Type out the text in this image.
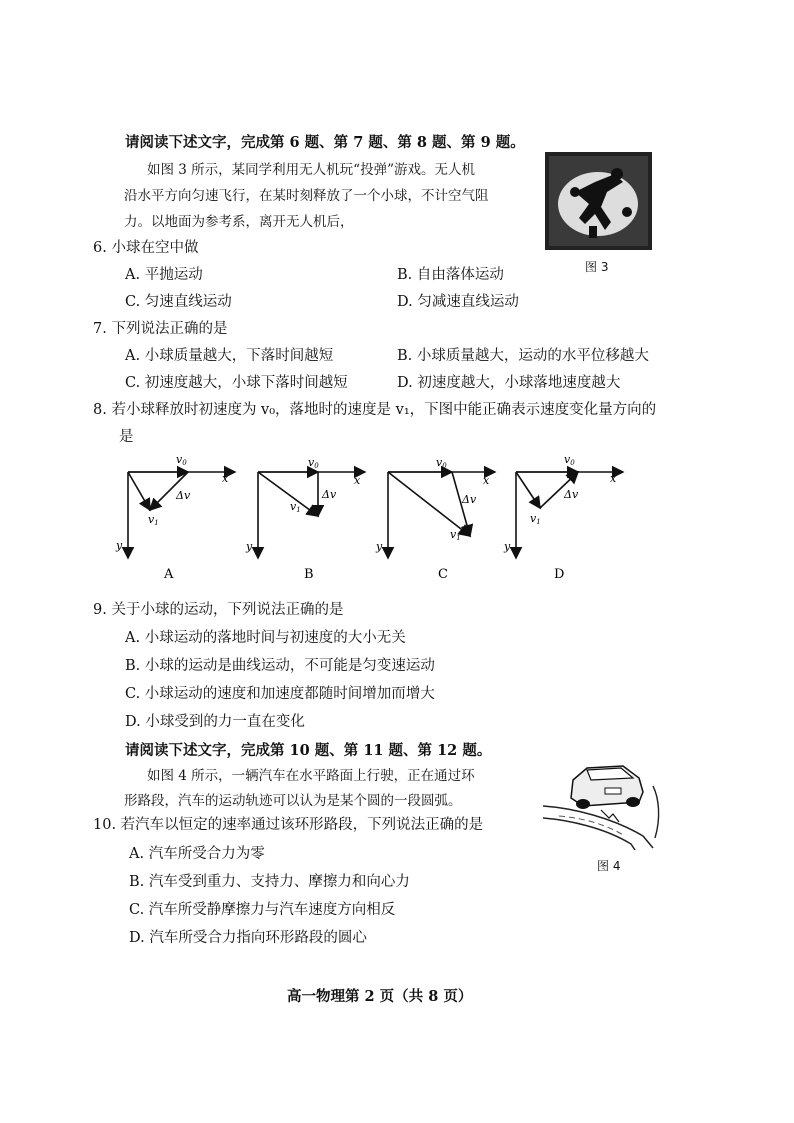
请阅读下述文字，完成第 6 题、第 7 题、第 8 题、第 9 题。
如图 3 所示，某同学利用无人机玩“投弹”游戏。无人机
沿水平方向匀速飞行，在某时刻释放了一个小球，不计空气阻
力。以地面为参考系，离开无人机后，
图 3
6. 小球在空中做
A. 平抛运动	B. 自由落体运动
C. 匀速直线运动	D. 匀减速直线运动
7. 下列说法正确的是
A. 小球质量越大，下落时间越短	B. 小球质量越大，运动的水平位移越大
C. 初速度越大，小球下落时间越短	D. 初速度越大，小球落地速度越大
8. 若小球释放时初速度为 v₀，落地时的速度是 v₁，下图中能正确表示速度变化量方向的
是
v0
x
y
Δv
v1
A
v0
x
y
Δv
v1
B
v0
x
y
Δv
v1
C
v0
x
y
Δv
v1
D
9. 关于小球的运动，下列说法正确的是
A. 小球运动的落地时间与初速度的大小无关
B. 小球的运动是曲线运动，不可能是匀变速运动
C. 小球运动的速度和加速度都随时间增加而增大
D. 小球受到的力一直在变化
请阅读下述文字，完成第 10 题、第 11 题、第 12 题。
如图 4 所示，一辆汽车在水平路面上行驶，正在通过环
形路段，汽车的运动轨迹可以认为是某个圆的一段圆弧。
图 4
10. 若汽车以恒定的速率通过该环形路段，下列说法正确的是
A. 汽车所受合力为零
B. 汽车受到重力、支持力、摩擦力和向心力
C. 汽车所受静摩擦力与汽车速度方向相反
D. 汽车所受合力指向环形路段的圆心
高一物理第 2 页（共 8 页）
